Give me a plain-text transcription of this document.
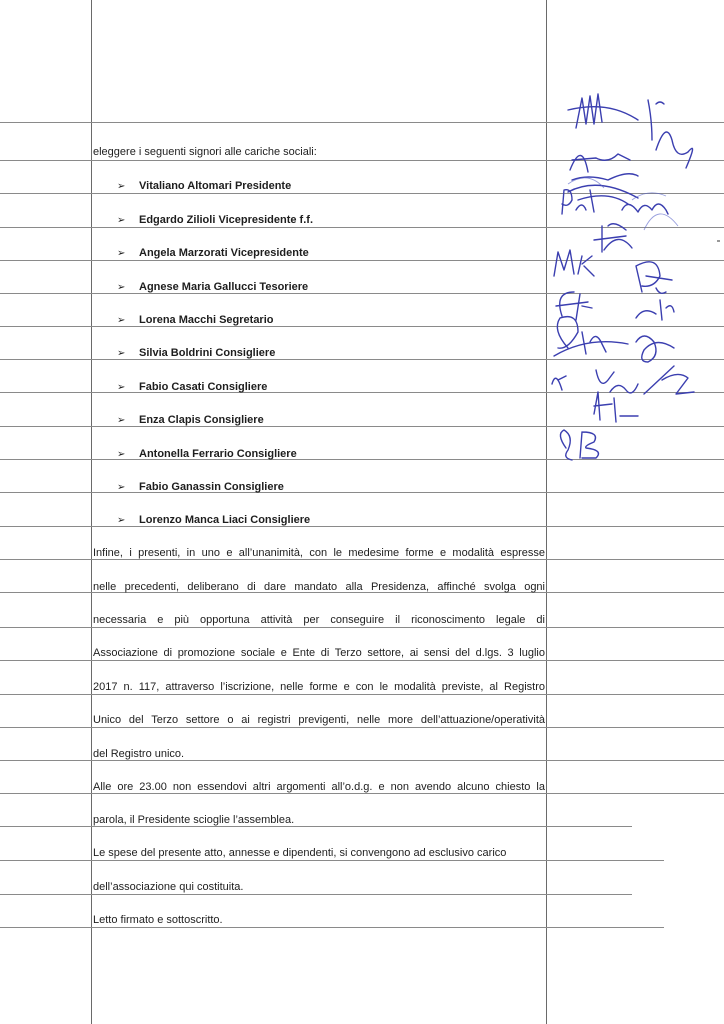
eleggere i seguenti signori alle cariche sociali:
➢ Vitaliano Altomari Presidente
➢ Edgardo Zilioli Vicepresidente f.f.
➢ Angela Marzorati Vicepresidente
➢ Agnese Maria Gallucci Tesoriere
➢ Lorena Macchi Segretario
➢ Silvia Boldrini Consigliere
➢ Fabio Casati Consigliere
➢ Enza Clapis Consigliere
➢ Antonella Ferrario Consigliere
➢ Fabio Ganassin Consigliere
➢ Lorenzo Manca Liaci Consigliere
Infine, i presenti, in uno e all’unanimità, con le medesime forme e modalità espresse
nelle precedenti, deliberano di dare mandato alla Presidenza, affinché svolga ogni
necessaria e più opportuna attività per conseguire il riconoscimento legale di
Associazione di promozione sociale e Ente di Terzo settore, ai sensi del d.lgs. 3 luglio
2017 n. 117, attraverso l’iscrizione, nelle forme e con le modalità previste, al Registro
Unico del Terzo settore o ai registri previgenti, nelle more dell’attuazione/operatività
del Registro unico.
Alle ore 23.00 non essendovi altri argomenti all’o.d.g. e non avendo alcuno chiesto la
parola, il Presidente scioglie l’assemblea.
Le spese del presente atto, annesse e dipendenti, si convengono ad esclusivo carico
dell’associazione qui costituita.
Letto firmato e sottoscritto.
